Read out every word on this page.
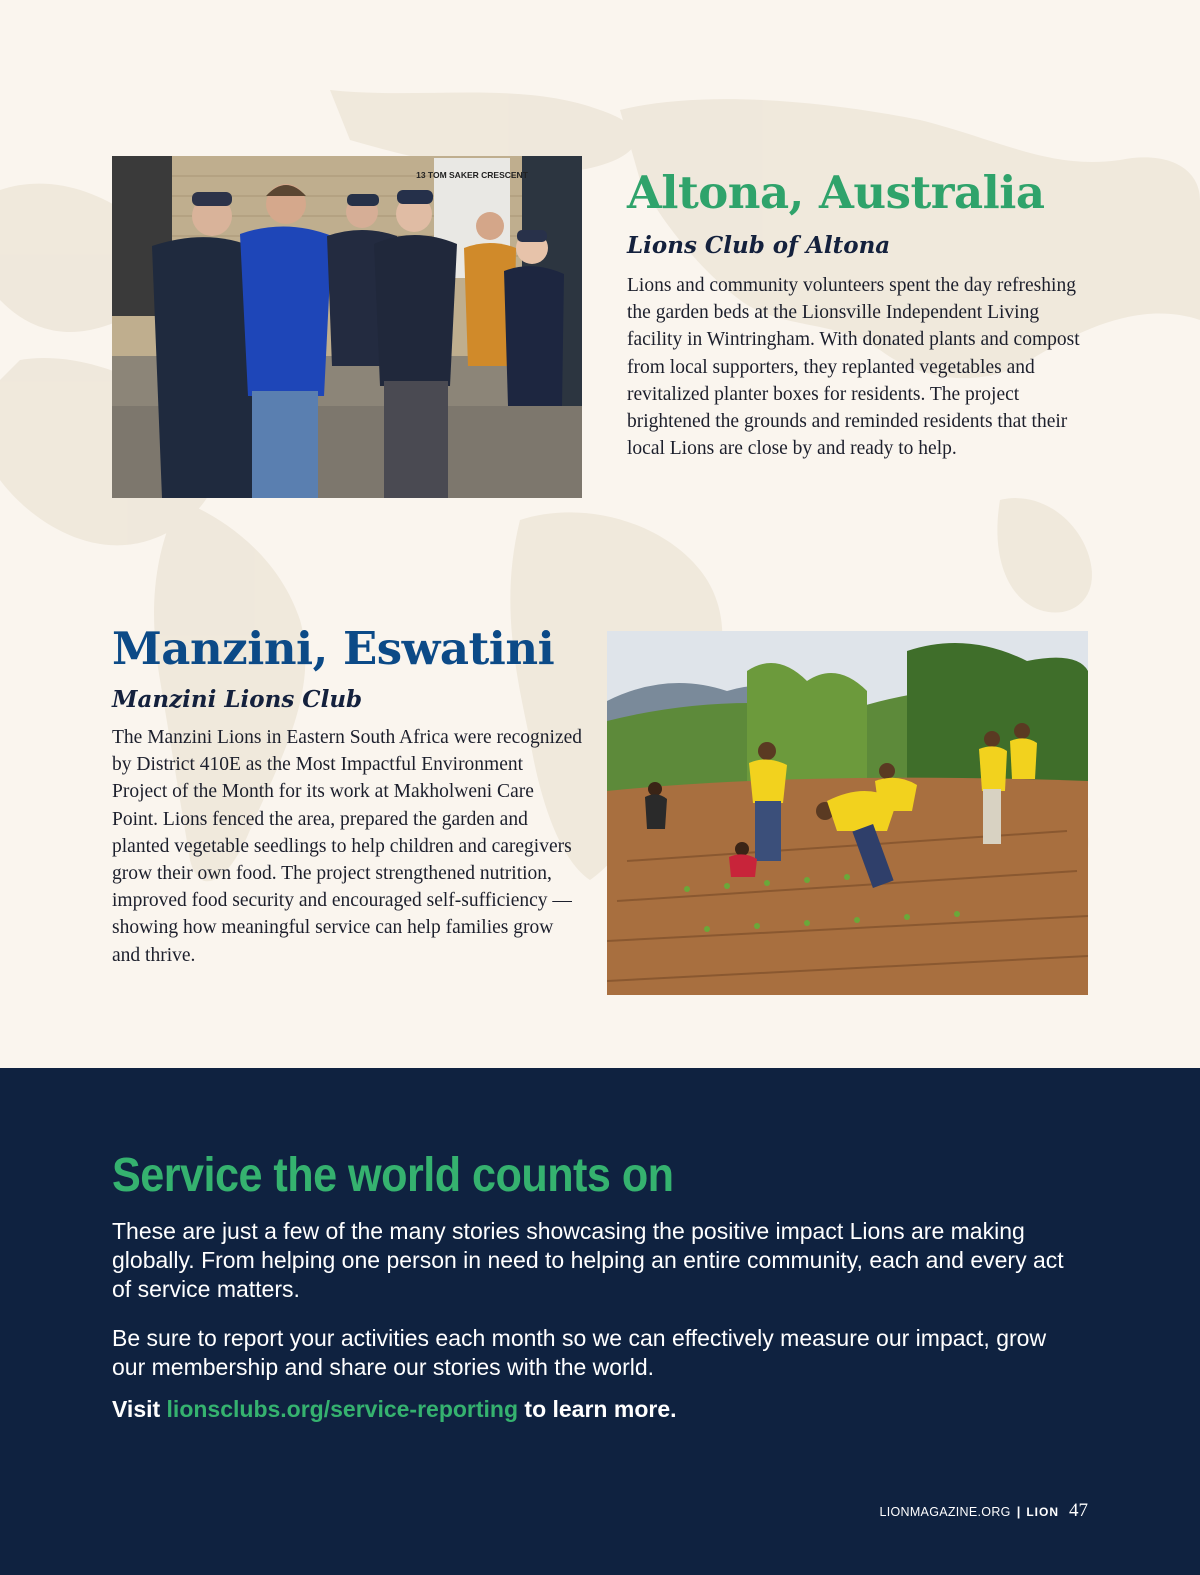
13 TOM SAKER CRESCENT Altona, Australia
Lions Club of Altona

Lions and community volunteers spent the day refreshing the garden beds at the Lionsville Independent Living facility in Wintringham. With donated plants and compost from local supporters, they replanted vegetables and revitalized planter boxes for residents. The project brightened the grounds and reminded residents that their local Lions are close by and ready to help.

Manzini, Eswatini
Manzini Lions Club

The Manzini Lions in Eastern South Africa were recognized by District 410E as the Most Impactful Environment Project of the Month for its work at Makholweni Care Point. Lions fenced the area, prepared the garden and planted vegetable seedlings to help children and caregivers grow their own food. The project strengthened nutrition, improved food security and encouraged self-sufficiency — showing how meaningful service can help families grow and thrive.

Service the world counts on

These are just a few of the many stories showcasing the positive impact Lions are making globally. From helping one person in need to helping an entire community, each and every act of service matters.

Be sure to report your activities each month so we can effectively measure our impact, grow our membership and share our stories with the world.

Visit lionsclubs.org/service-reporting to learn more.
LIONMAGAZINE.ORG | LION 47
